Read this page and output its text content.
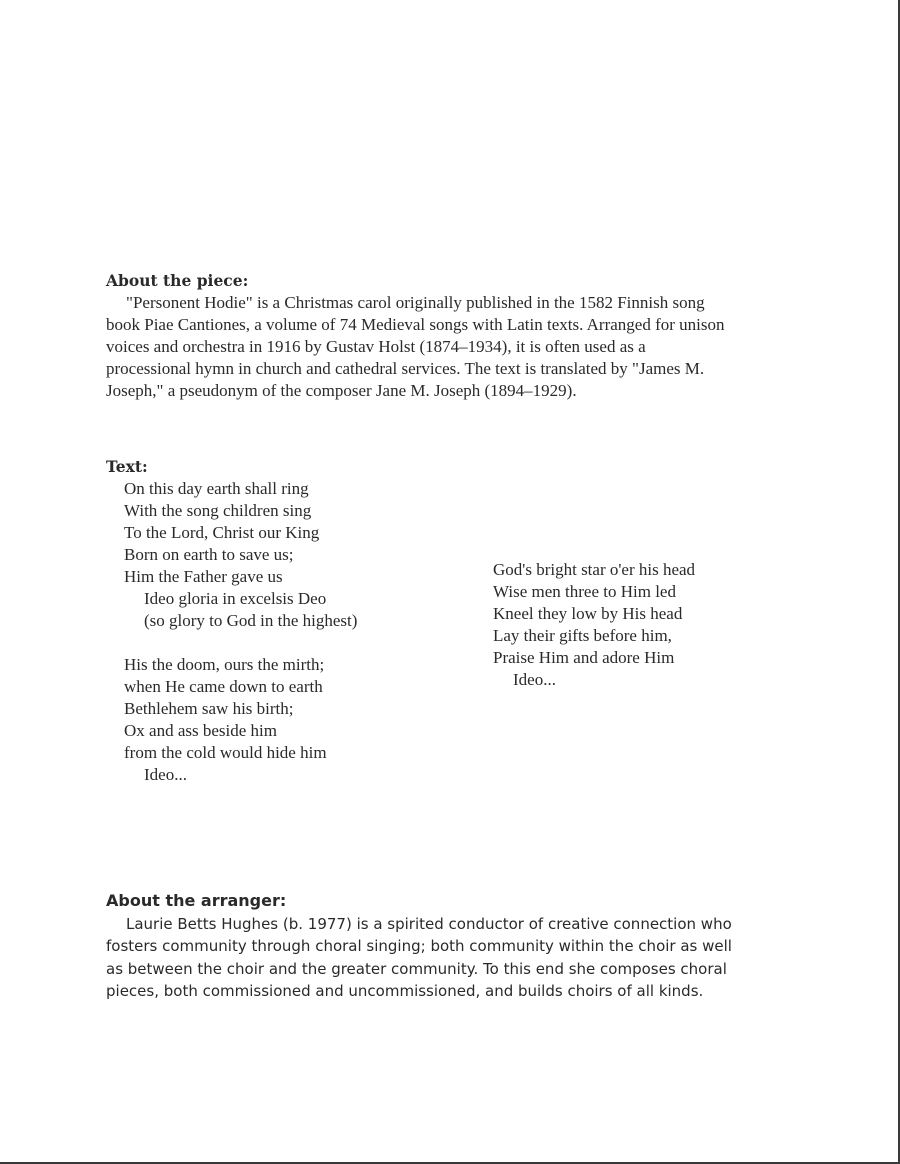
About the piece:
"Personent Hodie" is a Christmas carol originally published in the 1582 Finnish song
book Piae Cantiones, a volume of 74 Medieval songs with Latin texts. Arranged for unison
voices and orchestra in 1916 by Gustav Holst (1874–1934), it is often used as a
processional hymn in church and cathedral services. The text is translated by "James M.
Joseph," a pseudonym of the composer Jane M. Joseph (1894–1929).
Text:
On this day earth shall ring
With the song children sing
To the Lord, Christ our King
Born on earth to save us;
Him the Father gave us
Ideo gloria in excelsis Deo
(so glory to God in the highest)
His the doom, ours the mirth;
when He came down to earth
Bethlehem saw his birth;
Ox and ass beside him
from the cold would hide him
Ideo...
God's bright star o'er his head
Wise men three to Him led
Kneel they low by His head
Lay their gifts before him,
Praise Him and adore Him
Ideo...
About the arranger:
Laurie Betts Hughes (b. 1977) is a spirited conductor of creative connection who
fosters community through choral singing; both community within the choir as well
as between the choir and the greater community. To this end she composes choral
pieces, both commissioned and uncommissioned, and builds choirs of all kinds.
